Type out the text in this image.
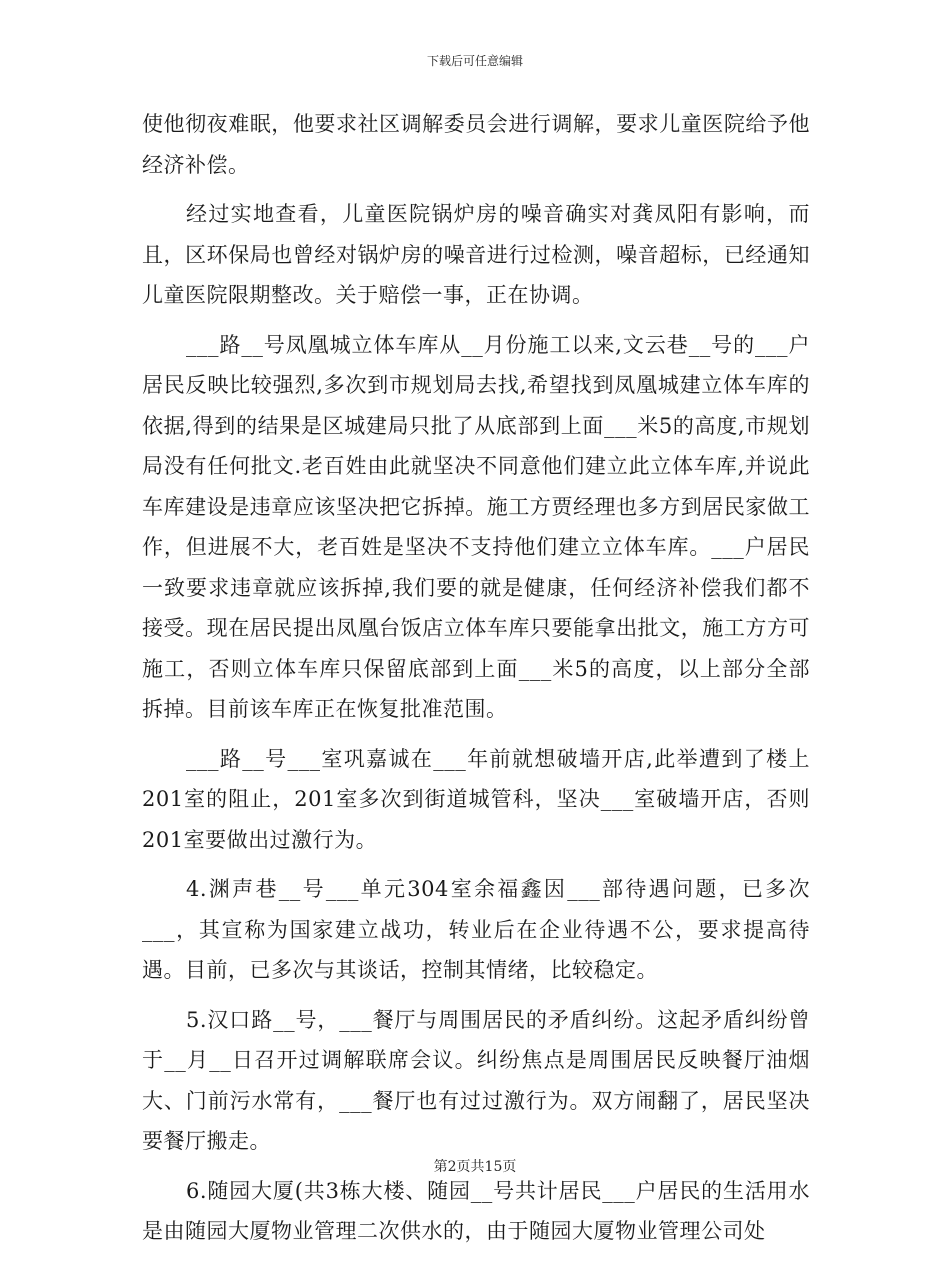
下载后可任意编辑

使他彻夜难眠，他要求社区调解委员会进行调解，要求儿童医院给予他经济补偿。

经过实地查看，儿童医院锅炉房的噪音确实对龚凤阳有影响，而且，区环保局也曾经对锅炉房的噪音进行过检测，噪音超标，已经通知儿童医院限期整改。关于赔偿一事，正在协调。

___路__号凤凰城立体车库从__月份施工以来,文云巷__号的___户居民反映比较强烈,多次到市规划局去找,希望找到凤凰城建立体车库的依据,得到的结果是区城建局只批了从底部到上面___米5的高度,市规划局没有任何批文.老百姓由此就坚决不同意他们建立此立体车库,并说此车库建设是违章应该坚决把它拆掉。施工方贾经理也多方到居民家做工作，但进展不大，老百姓是坚决不支持他们建立立体车库。___户居民一致要求违章就应该拆掉,我们要的就是健康，任何经济补偿我们都不接受。现在居民提出凤凰台饭店立体车库只要能拿出批文，施工方方可施工，否则立体车库只保留底部到上面___米5的高度，以上部分全部拆掉。目前该车库正在恢复批准范围。

___路__号___室巩嘉诚在___年前就想破墙开店,此举遭到了楼上201室的阻止，201室多次到街道城管科，坚决___室破墙开店，否则201室要做出过激行为。

4.渊声巷__号___单元304室余福鑫因___部待遇问题，已多次___，其宣称为国家建立战功，转业后在企业待遇不公，要求提高待遇。目前，已多次与其谈话，控制其情绪，比较稳定。

5.汉口路__号，___餐厅与周围居民的矛盾纠纷。这起矛盾纠纷曾于__月__日召开过调解联席会议。纠纷焦点是周围居民反映餐厅油烟大、门前污水常有，___餐厅也有过过激行为。双方闹翻了，居民坚决要餐厅搬走。

6.随园大厦(共3栋大楼、随园__号共计居民___户居民的生活用水是由随园大厦物业管理二次供水的，由于随园大厦物业管理公司处

第2页共15页
